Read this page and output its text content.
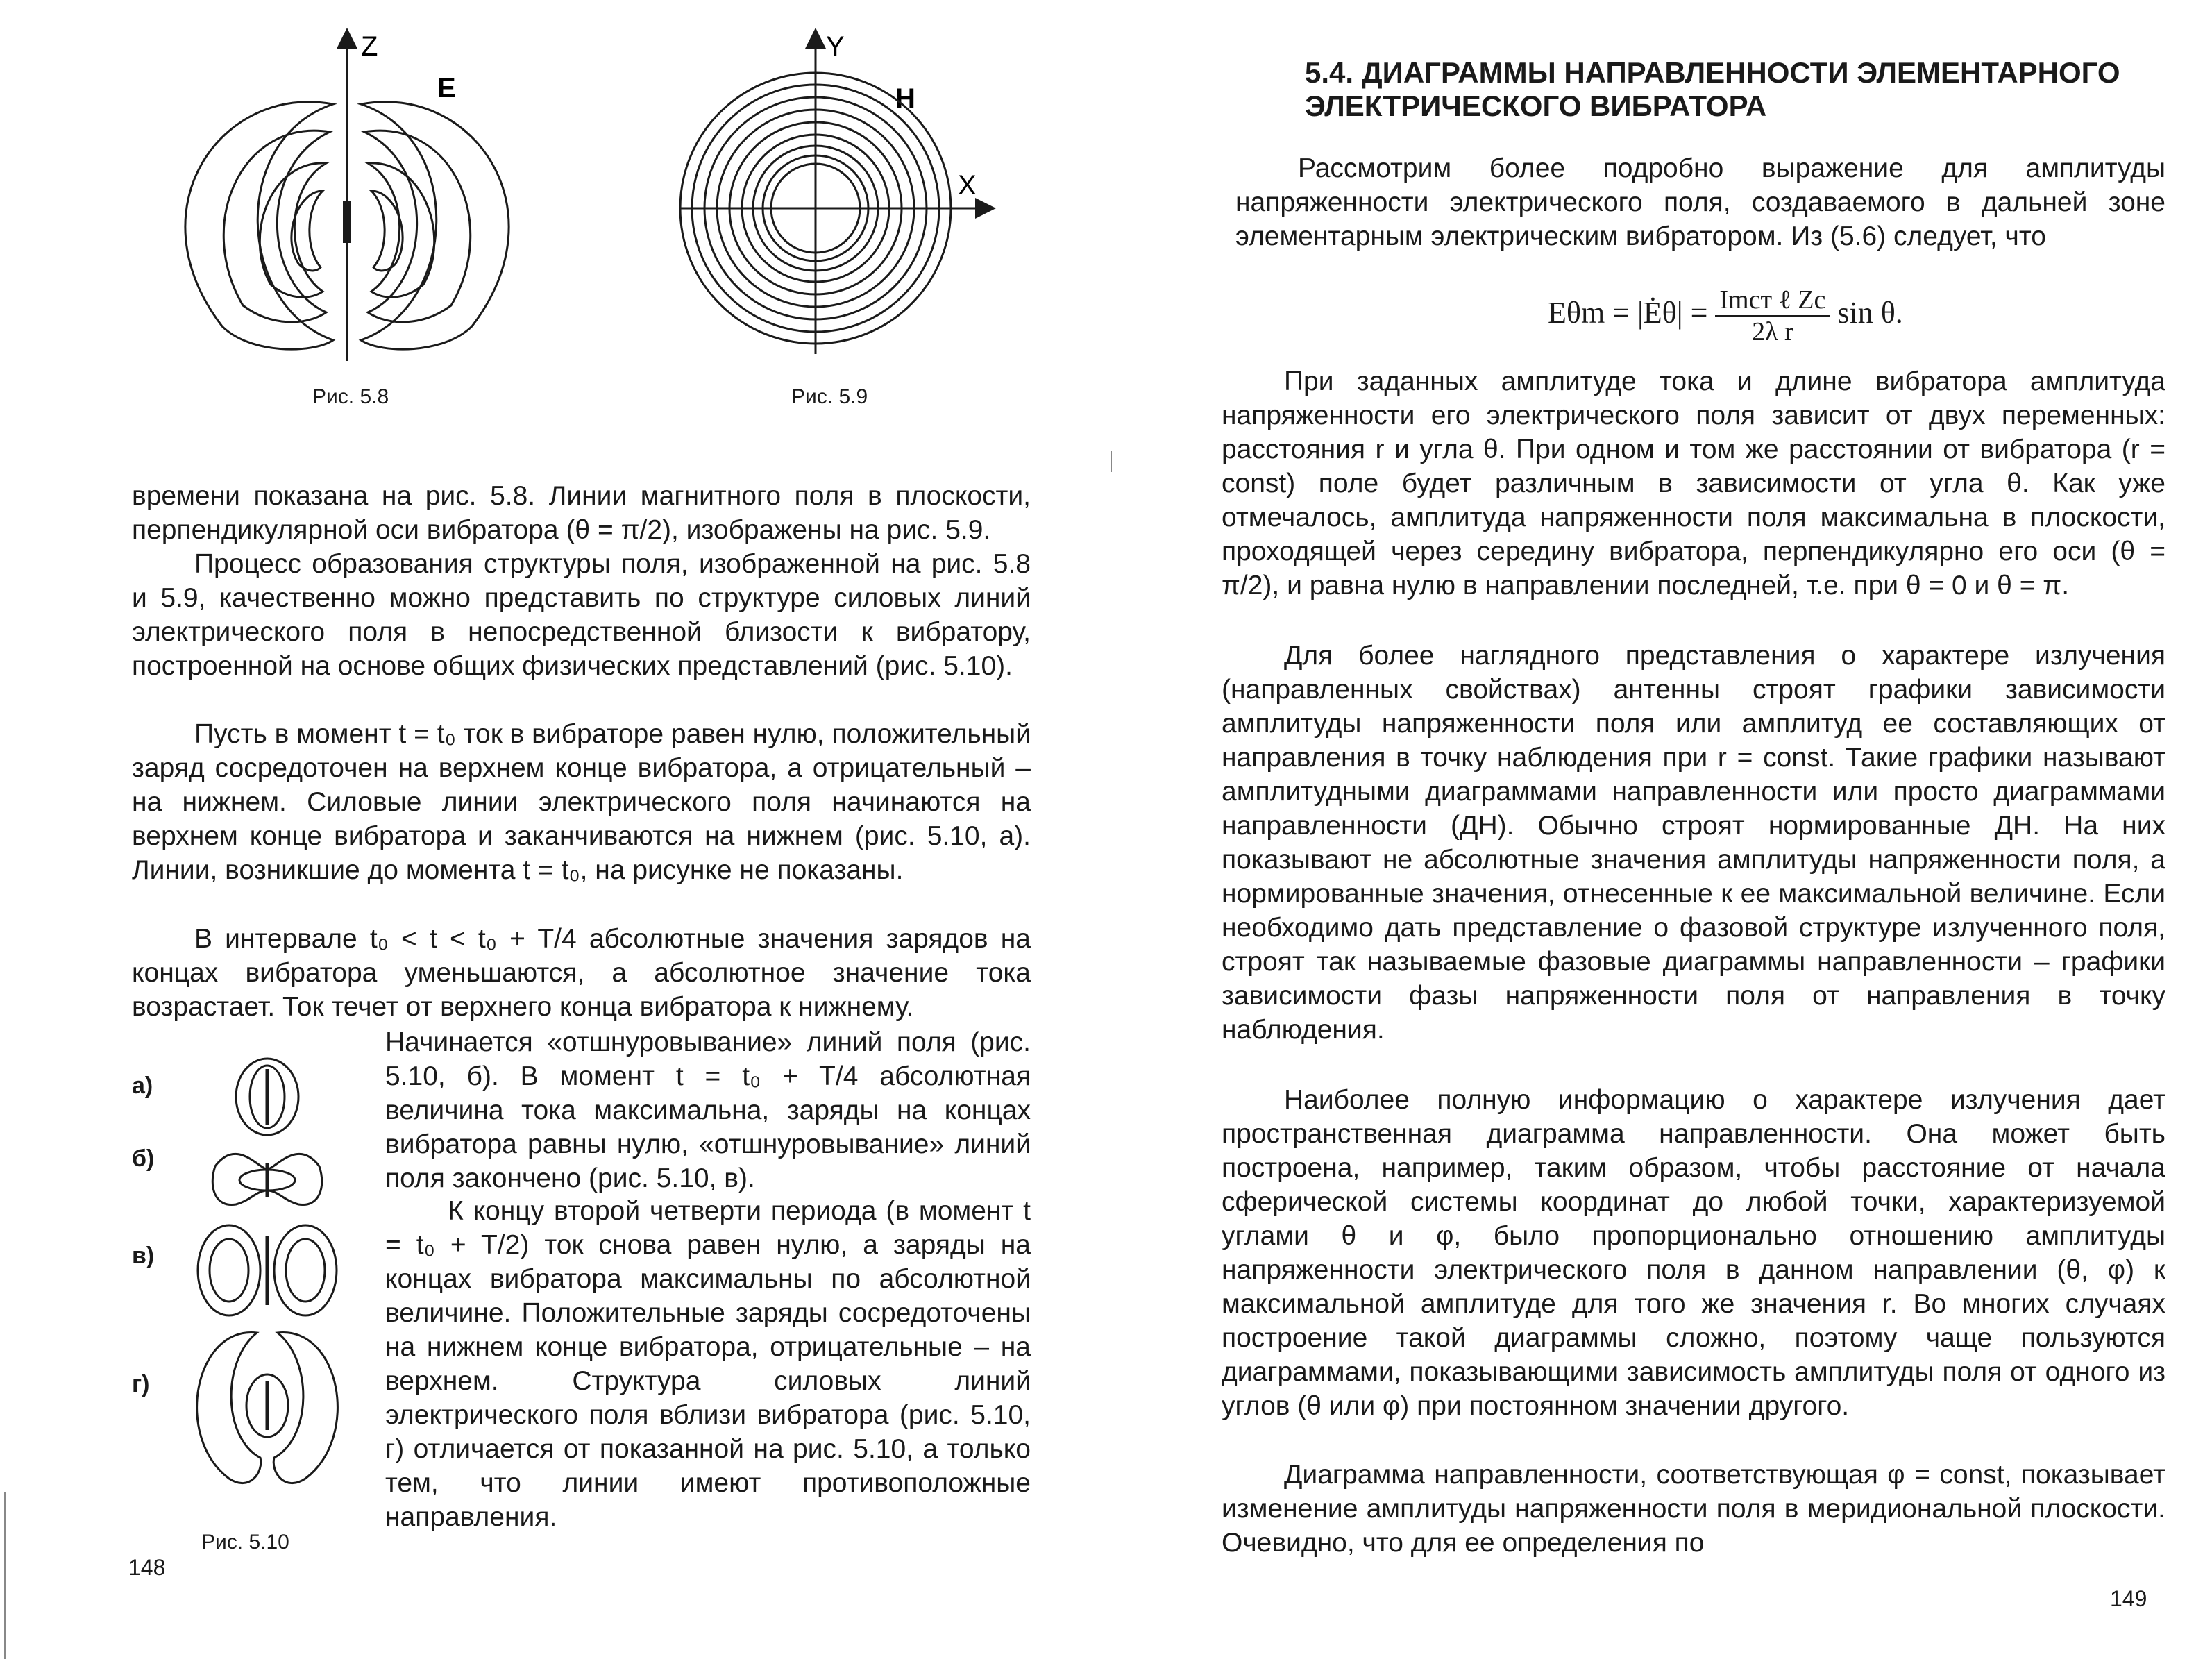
Z
E
Рис. 5.8
Y
X
H
Рис. 5.9

времени показана на рис. 5.8. Линии магнитного поля в плоскости, перпендикулярной оси вибратора (θ = π/2), изображены на рис. 5.9.

Процесс образования структуры поля, изображенной на рис. 5.8 и 5.9, качественно можно представить по структуре силовых линий электрического поля в непосредственной близости к вибратору, построенной на основе общих физических представлений (рис. 5.10).

Пусть в момент t = t₀ ток в вибраторе равен нулю, положительный заряд сосредоточен на верхнем конце вибратора, а отрицательный – на нижнем. Силовые линии электрического поля начинаются на верхнем конце вибратора и заканчиваются на нижнем (рис. 5.10, а). Линии, возникшие до момента t = t₀, на рисунке не показаны.

В интервале t₀ < t < t₀ + T/4 абсолютные значения зарядов на концах вибратора уменьшаются, а абсолютное значение тока возрастает. Ток течет от верхнего конца вибратора к нижнему.

а)
б)
в)
г)
Рис. 5.10

Начинается «отшнуровывание» линий поля (рис. 5.10, б). В момент t = t₀ + T/4 абсолютная величина тока максимальна, заряды на концах вибратора равны нулю, «отшнуровывание» линий поля закончено (рис. 5.10, в).

К концу второй четверти периода (в момент t = t₀ + T/2) ток снова равен нулю, а заряды на концах вибратора максимальны по абсолютной величине. Положительные заряды сосредоточены на нижнем конце вибратора, отрицательные – на верхнем. Структура силовых линий электрического поля вблизи вибратора (рис. 5.10, г) отличается от показанной на рис. 5.10, а только тем, что линии имеют противоположные направления.

148

5.4. ДИАГРАММЫ НАПРАВЛЕННОСТИ ЭЛЕМЕНТАРНОГО

ЭЛЕКТРИЧЕСКОГО ВИБРАТОРА

Рассмотрим более подробно выражение для амплитуды напряженности электрического поля, создаваемого в дальней зоне элементарным электрическим вибратором. Из (5.6) следует, что

Eθm = |Ėθ| = $\frac{\text{Imст ℓ Zc}}{\text{2λ r}}$ sin θ.

При заданных амплитуде тока и длине вибратора амплитуда напряженности его электрического поля зависит от двух переменных: расстояния r и угла θ. При одном и том же расстоянии от вибратора (r = const) поле будет различным в зависимости от угла θ. Как уже отмечалось, амплитуда напряженности поля максимальна в плоскости, проходящей через середину вибратора, перпендикулярно его оси (θ = π/2), и равна нулю в направлении последней, т.е. при θ = 0 и θ = π.

Для более наглядного представления о характере излучения (направленных свойствах) антенны строят графики зависимости амплитуды напряженности поля или амплитуд ее составляющих от направления в точку наблюдения при r = const. Такие графики называют амплитудными диаграммами направленности или просто диаграммами направленности (ДН). Обычно строят нормированные ДН. На них показывают не абсолютные значения амплитуды напряженности поля, а нормированные значения, отнесенные к ее максимальной величине. Если необходимо дать представление о фазовой структуре излученного поля, строят так называемые фазовые диаграммы направленности – графики зависимости фазы напряженности поля от направления в точку наблюдения.

Наиболее полную информацию о характере излучения дает пространственная диаграмма направленности. Она может быть построена, например, таким образом, чтобы расстояние от начала сферической системы координат до любой точки, характеризуемой углами θ и φ, было пропорционально отношению амплитуды напряженности электрического поля в данном направлении (θ, φ) к максимальной амплитуде для того же значения r. Во многих случаях построение такой диаграммы сложно, поэтому чаще пользуются диаграммами, показывающими зависимость амплитуды поля от одного из углов (θ или φ) при постоянном значении другого.

Диаграмма направленности, соответствующая φ = const, показывает изменение амплитуды напряженности поля в меридиональной плоскости. Очевидно, что для ее определения по

149
